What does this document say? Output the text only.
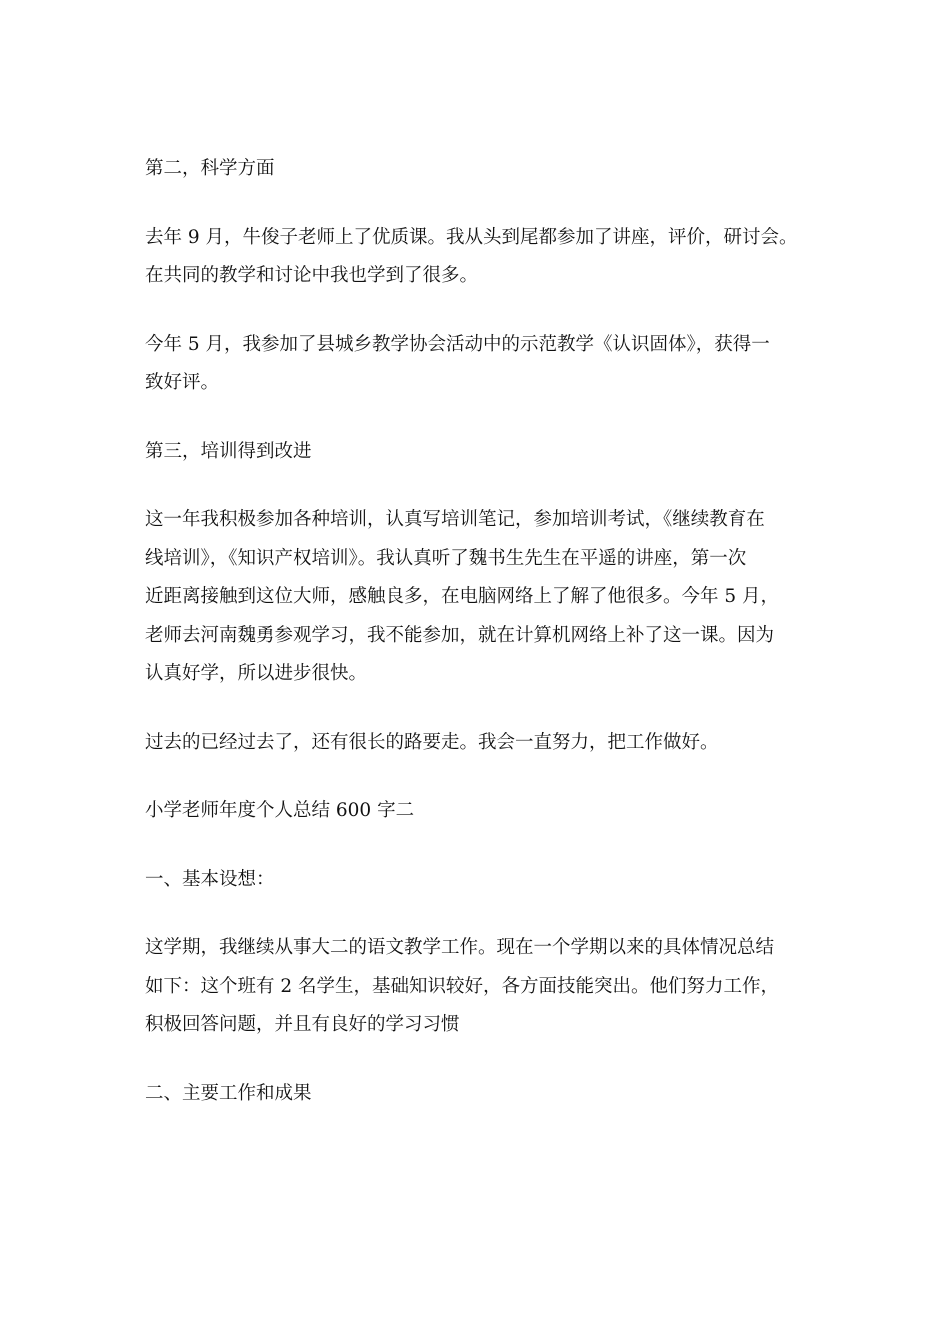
第二，科学方面

去年 9 月，牛俊子老师上了优质课。我从头到尾都参加了讲座，评价，研讨会。
在共同的教学和讨论中我也学到了很多。

今年 5 月，我参加了县城乡教学协会活动中的示范教学《认识固体》，获得一
致好评。

第三，培训得到改进

这一年我积极参加各种培训，认真写培训笔记，参加培训考试，《继续教育在
线培训》，《知识产权培训》。我认真听了魏书生先生在平遥的讲座，第一次
近距离接触到这位大师，感触良多，在电脑网络上了解了他很多。今年 5 月，
老师去河南魏勇参观学习，我不能参加，就在计算机网络上补了这一课。因为
认真好学，所以进步很快。

过去的已经过去了，还有很长的路要走。我会一直努力，把工作做好。

小学老师年度个人总结 600 字二

一、基本设想：

这学期，我继续从事大二的语文教学工作。现在一个学期以来的具体情况总结
如下：这个班有 2 名学生，基础知识较好，各方面技能突出。他们努力工作，
积极回答问题，并且有良好的学习习惯

二、主要工作和成果
